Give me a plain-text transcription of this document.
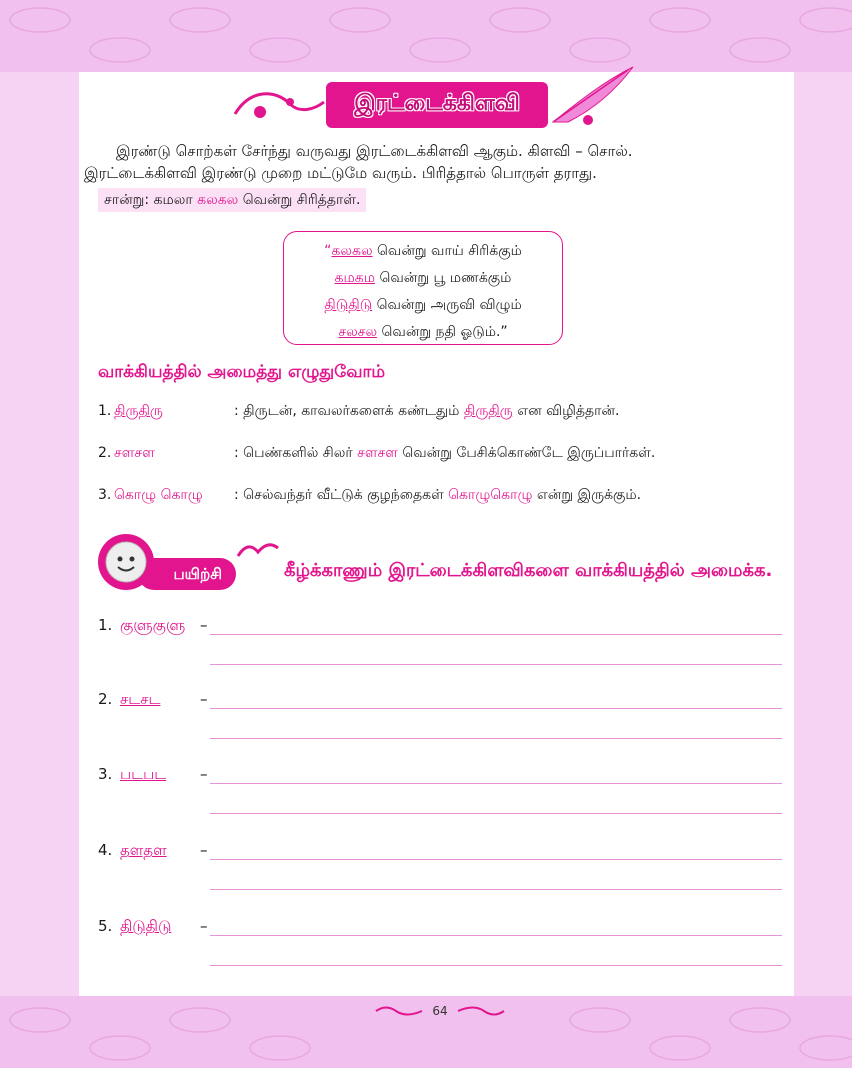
இரட்டைக்கிளவி
இரண்டு சொற்கள் சேர்ந்து வருவது இரட்டைக்கிளவி ஆகும். கிளவி – சொல்.
இரட்டைக்கிளவி இரண்டு முறை மட்டுமே வரும். பிரித்தால் பொருள் தராது.
சான்று: கமலா கலகல வென்று சிரித்தாள்.
“கலகல வென்று வாய் சிரிக்கும்
கமகம வென்று பூ மணக்கும்
திடுதிடு வென்று அருவி விழும்
சலசல வென்று நதி ஓடும்.”
வாக்கியத்தில் அமைத்து எழுதுவோம்
1. திருதிரு	: திருடன், காவலர்களைக் கண்டதும் திருதிரு என விழித்தான்.
2. சளசள	: பெண்களில் சிலர் சளசள வென்று பேசிக்கொண்டே இருப்பார்கள்.
3. கொழு கொழு : செல்வந்தர் வீட்டுக் குழந்தைகள் கொழுகொழு என்று இருக்கும்.
பயிற்சி	கீழ்க்காணும் இரட்டைக்கிளவிகளை வாக்கியத்தில் அமைக்க.
1. குளுகுளு –
2. சடசட	–
3. படபட –
4. தளதள –
5. திடுதிடு –
64
